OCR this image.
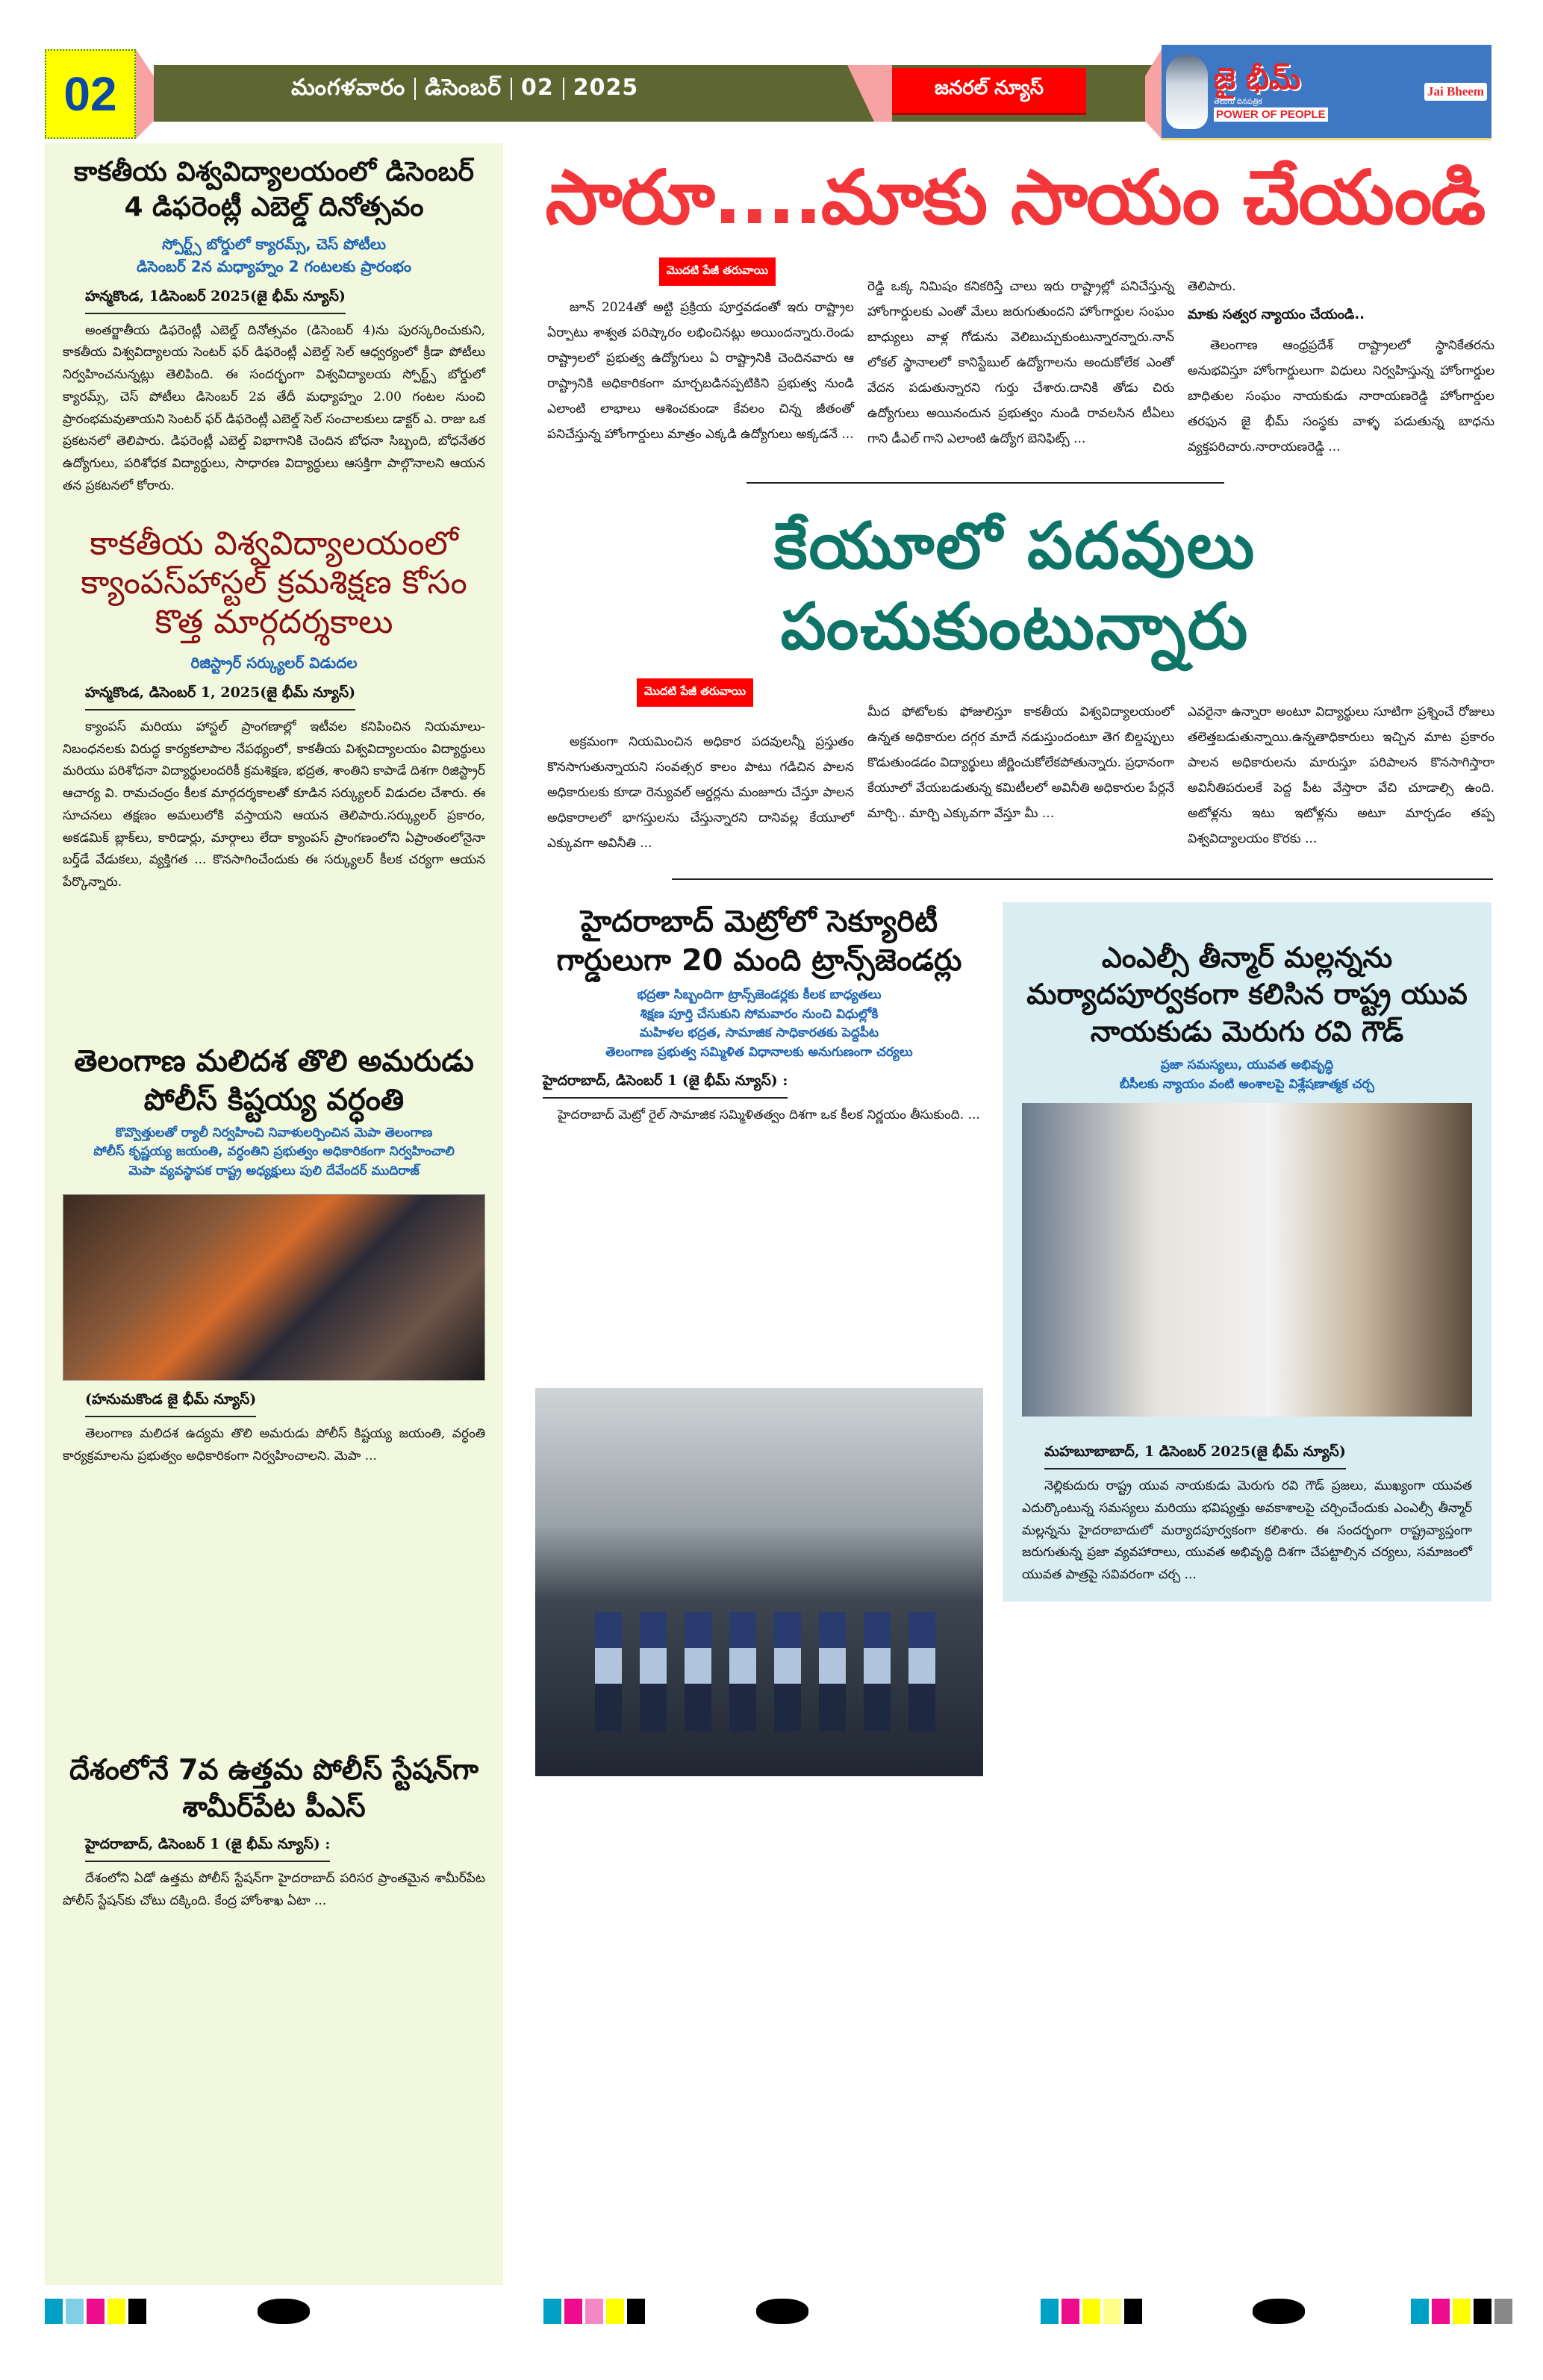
02	మంగళవారం డిసెంబర్ 02 2025	జనరల్ న్యూస్	జై భీమ్
తెలుగు దినపత్రిక
POWER OF PEOPLE
Jai Bheem
కాకతీయ విశ్వవిద్యాలయంలో డిసెంబర్ 4 డిఫరెంట్లీ ఎబెల్డ్ దినోత్సవం
స్పోర్ట్స్ బోర్డులో క్యారమ్స్, చెస్ పోటీలు
డిసెంబర్ 2న మధ్యాహ్నం 2 గంటలకు ప్రారంభం
హన్మకొండ, 1డిసెంబర్ 2025(జై భీమ్ న్యూస్)

అంతర్జాతీయ డిఫరెంట్లీ ఎబెల్డ్ దినోత్సవం (డిసెంబర్ 4)ను పురస్కరించుకుని, కాకతీయ విశ్వవిద్యాలయ సెంటర్ ఫర్ డిఫరెంట్లీ ఎబెల్డ్ సెల్ ఆధ్వర్యంలో క్రీడా పోటీలు నిర్వహించనున్నట్లు తెలిపింది. ఈ సందర్భంగా విశ్వవిద్యాలయ స్పోర్ట్స్ బోర్డులో క్యారమ్స్, చెస్ పోటీలు డిసెంబర్ 2వ తేదీ మధ్యాహ్నం 2.00 గంటల నుంచి ప్రారంభమవుతాయని సెంటర్ ఫర్ డిఫరెంట్లీ ఎబెల్డ్ సెల్ సంచాలకులు డాక్టర్ ఎ. రాజు ఒక ప్రకటనలో తెలిపారు. డిఫరెంట్లీ ఎబెల్డ్ విభాగానికి చెందిన బోధనా సిబ్బంది, బోధనేతర ఉద్యోగులు, పరిశోధక విద్యార్థులు, సాధారణ విద్యార్థులు ఆసక్తిగా పాల్గొనాలని ఆయన తన ప్రకటనలో కోరారు.

కాకతీయ విశ్వవిద్యాలయంలో క్యాంపస్‌హాస్టల్ క్రమశిక్షణ కోసం కొత్త మార్గదర్శకాలు
రిజిస్ట్రార్ సర్క్యులర్ విడుదల
హన్మకొండ, డిసెంబర్ 1, 2025(జై భీమ్ న్యూస్)

క్యాంపస్ మరియు హాస్టల్ ప్రాంగణాల్లో ఇటీవల కనిపించిన నియమాలు-నిబంధనలకు విరుద్ధ కార్యకలాపాల నేపథ్యంలో, కాకతీయ విశ్వవిద్యాలయం విద్యార్థులు మరియు పరిశోధనా విద్యార్థులందరికీ క్రమశిక్షణ, భద్రత, శాంతిని కాపాడే దిశగా రిజిస్ట్రార్ ఆచార్య వి. రామచంద్రం కీలక మార్గదర్శకాలతో కూడిన సర్క్యులర్ విడుదల చేశారు. ఈ సూచనలు తక్షణం అమలులోకి వస్తాయని ఆయన తెలిపారు.సర్క్యులర్ ప్రకారం, అకడమిక్ బ్లాక్‌లు, కారిడార్లు, మార్గాలు లేదా క్యాంపస్ ప్రాంగణంలోని ఏప్రాంతంలోనైనా బర్త్‌డే వేడుకలు, వ్యక్తిగత ... కొనసాగించేందుకు ఈ సర్క్యులర్ కీలక చర్యగా ఆయన పేర్కొన్నారు.

తెలంగాణ మలిదశ తొలి అమరుడు పోలీస్ కిష్టయ్య వర్ధంతి
కొవ్వొత్తులతో ర్యాలీ నిర్వహించి నివాళులర్పించిన మెపా తెలంగాణ
పోలీస్ కృష్ణయ్య జయంతి, వర్ధంతిని ప్రభుత్వం అధికారికంగా నిర్వహించాలి
మెపా వ్యవస్థాపక రాష్ట్ర అధ్యక్షులు పులి దేవేందర్ ముదిరాజ్
(హనుమకొండ జై భీమ్ న్యూస్)

తెలంగాణ మలిదశ ఉద్యమ తొలి అమరుడు పోలీస్ కిష్టయ్య జయంతి, వర్ధంతి కార్యక్రమాలను ప్రభుత్వం అధికారికంగా నిర్వహించాలని. మెపా ...

దేశంలోనే 7వ ఉత్తమ పోలీస్ స్టేషన్‌గా శామీర్‌పేట పీఎస్
హైదరాబాద్, డిసెంబర్ 1 (జై భీమ్ న్యూస్) :

దేశంలోని ఏడో ఉత్తమ పోలీస్ స్టేషన్‌గా హైదరాబాద్ పరిసర ప్రాంతమైన శామీర్‌పేట పోలీస్ స్టేషన్‌కు చోటు దక్కింది. కేంద్ర హోంశాఖ ఏటా ...

సారూ....మాకు సాయం చేయండి
మొదటి పేజీ తరువాయి

జూన్ 2024తో అట్టి ప్రక్రియ పూర్తవడంతో ఇరు రాష్ట్రాల ఏర్పాటు శాశ్వత పరిష్కారం లభించినట్లు అయిందన్నారు.రెండు రాష్ట్రాలలో ప్రభుత్వ ఉద్యోగులు ఏ రాష్ట్రానికి చెందినవారు ఆ రాష్ట్రానికి అధికారికంగా మార్చబడినప్పటికిని ప్రభుత్వ నుండి ఎలాంటి లాభాలు ఆశించకుండా కేవలం చిన్న జీతంతో పనిచేస్తున్న హోంగార్డులు మాత్రం ఎక్కడి ఉద్యోగులు అక్కడనే ...

రెడ్డి ఒక్క నిమిషం కనికరిస్తే చాలు ఇరు రాష్ట్రాల్లో పనిచేస్తున్న హోంగార్డులకు ఎంతో మేలు జరుగుతుందని హోంగార్డుల సంఘం బాధ్యులు వాళ్ల గోడును వెలిబుచ్చుకుంటున్నారన్నారు.నాన్ లోకల్ స్థానాలలో కానిస్టేబుల్ ఉద్యోగాలను అందుకోలేక ఎంతో వేదన పడుతున్నారని గుర్తు చేశారు.దానికి తోడు చిరు ఉద్యోగులు అయినందున ప్రభుత్వం నుండి రావలసిన టీఏలు గాని డీఎల్ గాని ఎలాంటి ఉద్యోగ బెనిఫిట్స్ ...

తెలిపారు.

మాకు సత్వర న్యాయం చేయండి..

తెలంగాణ ఆంధ్రప్రదేశ్ రాష్ట్రాలలో స్థానికేతరను అనుభవిస్తూ హోంగార్డులుగా విధులు నిర్వహిస్తున్న హోంగార్డుల బాధితుల సంఘం నాయకుడు నారాయణరెడ్డి హోంగార్డుల తరఫున జై భీమ్ సంస్థకు వాళ్ళ పడుతున్న బాధను వ్యక్తపరిచారు.నారాయణరెడ్డి ...

కేయూలో పదవులు పంచుకుంటున్నారు
మొదటి పేజీ తరువాయి

అక్రమంగా నియమించిన అధికార పదవులన్నీ ప్రస్తుతం కొనసాగుతున్నాయని సంవత్సర కాలం పాటు గడిచిన పాలన అధికారులకు కూడా రెన్యువల్ ఆర్డర్లను మంజూరు చేస్తూ పాలన అధికారాలలో భాగస్తులను చేస్తున్నారని దానివల్ల కేయూలో ఎక్కువగా అవినీతి ...

మీద ఫోటోలకు ఫోజులిస్తూ కాకతీయ విశ్వవిద్యాలయంలో ఉన్నత అధికారుల దగ్గర మాదే నడుస్తుందంటూ తెగ బిల్డప్పులు కొడుతుండడం విద్యార్థులు జీర్ణించుకోలేకపోతున్నారు. ప్రధానంగా కేయూలో వేయబడుతున్న కమిటీలలో అవినీతి అధికారుల పేర్లనే మార్చి.. మార్చి ఎక్కువగా వేస్తూ మీ ...

ఎవరైనా ఉన్నారా అంటూ విద్యార్థులు సూటిగా ప్రశ్నించే రోజులు తలెత్తబడుతున్నాయి.ఉన్నతాధికారులు ఇచ్చిన మాట ప్రకారం పాలన అధికారులను మారుస్తూ పరిపాలన కొనసాగిస్తారా అవినీతిపరులకే పెద్ద పీట వేస్తారా వేచి చూడాల్సి ఉంది. అటోళ్లను ఇటు ఇటోళ్లను అటూ మార్చడం తప్ప విశ్వవిద్యాలయం కొరకు ...

హైదరాబాద్ మెట్రోలో సెక్యూరిటీ గార్డులుగా 20 మంది ట్రాన్స్‌జెండర్లు
భద్రతా సిబ్బందిగా ట్రాన్స్‌జెండర్లకు కీలక బాధ్యతలు
శిక్షణ పూర్తి చేసుకుని సోమవారం నుంచి విధుల్లోకి
మహిళల భద్రత, సామాజిక సాధికారతకు పెద్దపీట
తెలంగాణ ప్రభుత్వ సమ్మిళిత విధానాలకు అనుగుణంగా చర్యలు
హైదరాబాద్, డిసెంబర్ 1 (జై భీమ్ న్యూస్) :

హైదరాబాద్ మెట్రో రైల్ సామాజిక సమ్మిళితత్వం దిశగా ఒక కీలక నిర్ణయం తీసుకుంది. ...

ఎంఎల్సీ తీన్మార్ మల్లన్నను మర్యాదపూర్వకంగా కలిసిన రాష్ట్ర యువ నాయకుడు మెరుగు రవి గౌడ్
ప్రజా సమస్యలు, యువత అభివృద్ధి
బీసీలకు న్యాయం వంటి అంశాలపై విశ్లేషణాత్మక చర్చ
మహబూబాబాద్, 1 డిసెంబర్ 2025(జై భీమ్ న్యూస్)

నెల్లికుదురు రాష్ట్ర యువ నాయకుడు మెరుగు రవి గౌడ్ ప్రజలు, ముఖ్యంగా యువత ఎదుర్కొంటున్న సమస్యలు మరియు భవిష్యత్తు అవకాశాలపై చర్చించేందుకు ఎంఎల్సీ తీన్మార్ మల్లన్నను హైదరాబాదులో మర్యాదపూర్వకంగా కలిశారు. ఈ సందర్భంగా రాష్ట్రవ్యాప్తంగా జరుగుతున్న ప్రజా వ్యవహారాలు, యువత అభివృద్ధి దిశగా చేపట్టాల్సిన చర్యలు, సమాజంలో యువత పాత్రపై సవివరంగా చర్చ ...
